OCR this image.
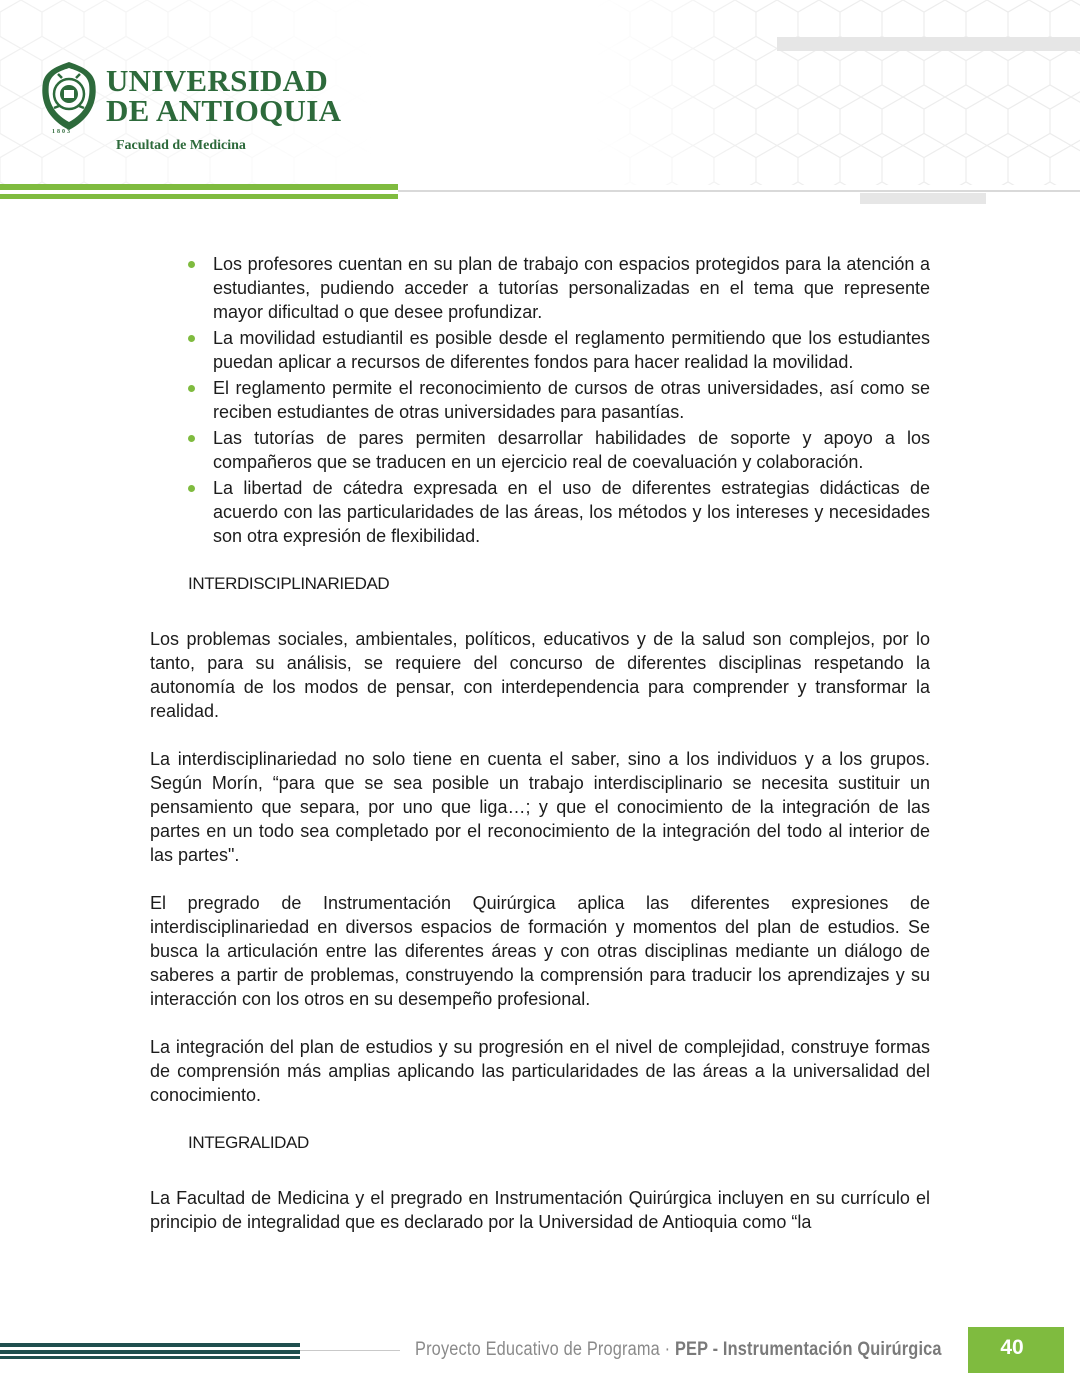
1803
UNIVERSIDAD
DE ANTIOQUIA
Facultad de Medicina
Los profesores cuentan en su plan de trabajo con espacios protegidos para la atención a estudiantes, pudiendo acceder a tutorías personalizadas en el tema que represente mayor dificultad o que desee profundizar.
La movilidad estudiantil es posible desde el reglamento permitiendo que los estudiantes puedan aplicar a recursos de diferentes fondos para hacer realidad la movilidad.
El reglamento permite el reconocimiento de cursos de otras universidades, así como se reciben estudiantes de otras universidades para pasantías.
Las tutorías de pares permiten desarrollar habilidades de soporte y apoyo a los compañeros que se traducen en un ejercicio real de coevaluación y colaboración.
La libertad de cátedra expresada en el uso de diferentes estrategias didácticas de acuerdo con las particularidades de las áreas, los métodos y los intereses y necesidades son otra expresión de flexibilidad.
INTERDISCIPLINARIEDAD

Los problemas sociales, ambientales, políticos, educativos y de la salud son complejos, por lo tanto, para su análisis, se requiere del concurso de diferentes disciplinas respetando la autonomía de los modos de pensar, con interdependencia para comprender y transformar la realidad.

La interdisciplinariedad no solo tiene en cuenta el saber, sino a los individuos y a los grupos. Según Morín, “para que se sea posible un trabajo interdisciplinario se necesita sustituir un pensamiento que separa, por uno que liga…; y que el conocimiento de la integración de las partes en un todo sea completado por el reconocimiento de la integración del todo al interior de las partes".

El pregrado de Instrumentación Quirúrgica aplica las diferentes expresiones de interdisciplinariedad en diversos espacios de formación y momentos del plan de estudios. Se busca la articulación entre las diferentes áreas y con otras disciplinas mediante un diálogo de saberes a partir de problemas, construyendo la comprensión para traducir los aprendizajes y su interacción con los otros en su desempeño profesional.

La integración del plan de estudios y su progresión en el nivel de complejidad, construye formas de comprensión más amplias aplicando las particularidades de las áreas a la universalidad del conocimiento.

INTEGRALIDAD

La Facultad de Medicina y el pregrado en Instrumentación Quirúrgica incluyen en su currículo el principio de integralidad que es declarado por la Universidad de Antioquia como “la

Proyecto Educativo de Programa · PEP - Instrumentación Quirúrgica	40
